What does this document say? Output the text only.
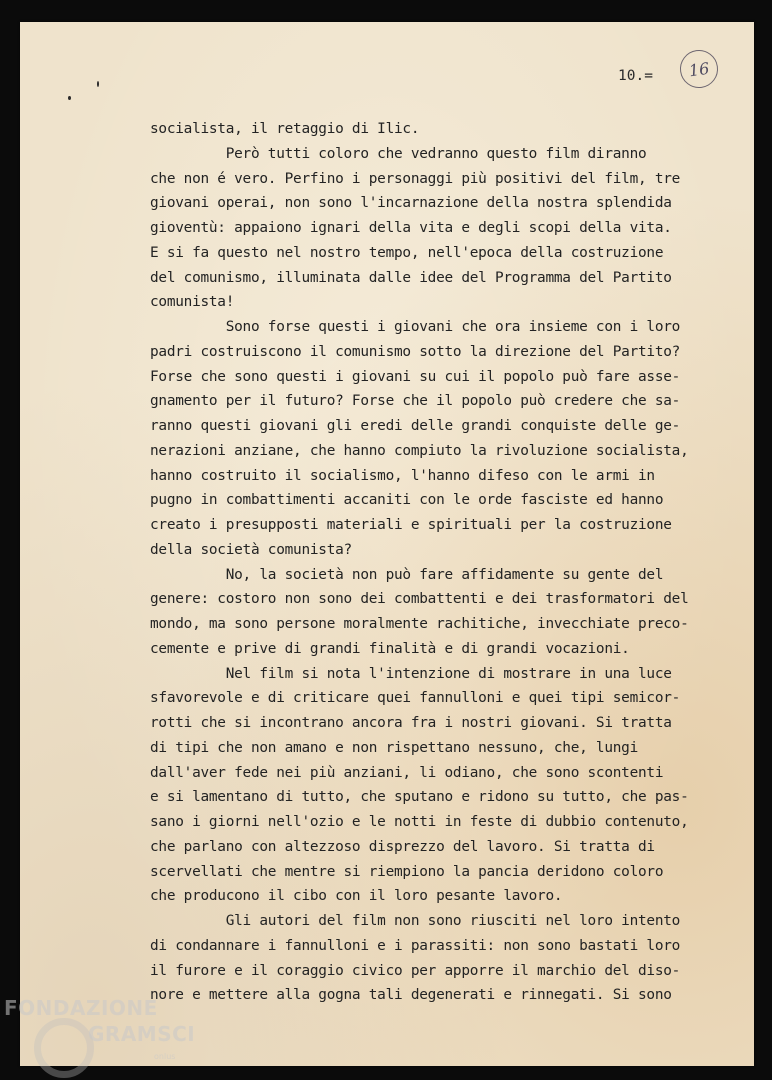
16
10.=
socialista, il retaggio di Ilic.
Però tutti coloro che vedranno questo film diranno
che non é vero. Perfino i personaggi più positivi del film, tre
giovani operai, non sono l'incarnazione della nostra splendida
gioventù: appaiono ignari della vita e degli scopi della vita.
E si fa questo nel nostro tempo, nell'epoca della costruzione
del comunismo, illuminata dalle idee del Programma del Partito
comunista!
Sono forse questi i giovani che ora insieme con i loro
padri costruiscono il comunismo sotto la direzione del Partito?
Forse che sono questi i giovani su cui il popolo può fare asse-
gnamento per il futuro? Forse che il popolo può credere che sa-
ranno questi giovani gli eredi delle grandi conquiste delle ge-
nerazioni anziane, che hanno compiuto la rivoluzione socialista,
hanno costruito il socialismo, l'hanno difeso con le armi in
pugno in combattimenti accaniti con le orde fasciste ed hanno
creato i presupposti materiali e spirituali per la costruzione
della società comunista?
No, la società non può fare affidamente su gente del
genere: costoro non sono dei combattenti e dei trasformatori del
mondo, ma sono persone moralmente rachitiche, invecchiate preco-
cemente e prive di grandi finalità e di grandi vocazioni.
Nel film si nota l'intenzione di mostrare in una luce
sfavorevole e di criticare quei fannulloni e quei tipi semicor-
rotti che si incontrano ancora fra i nostri giovani. Si tratta
di tipi che non amano e non rispettano nessuno, che, lungi
dall'aver fede nei più anziani, li odiano, che sono scontenti
e si lamentano di tutto, che sputano e ridono su tutto, che pas-
sano i giorni nell'ozio e le notti in feste di dubbio contenuto,
che parlano con altezzoso disprezzo del lavoro. Si tratta di
scervellati che mentre si riempiono la pancia deridono coloro
che producono il cibo con il loro pesante lavoro.
Gli autori del film non sono riusciti nel loro intento
di condannare i fannulloni e i parassiti: non sono bastati loro
il furore e il coraggio civico per apporre il marchio del diso-
nore e mettere alla gogna tali degenerati e rinnegati. Si sono
FONDAZIONE
GRAMSCI
onlus
